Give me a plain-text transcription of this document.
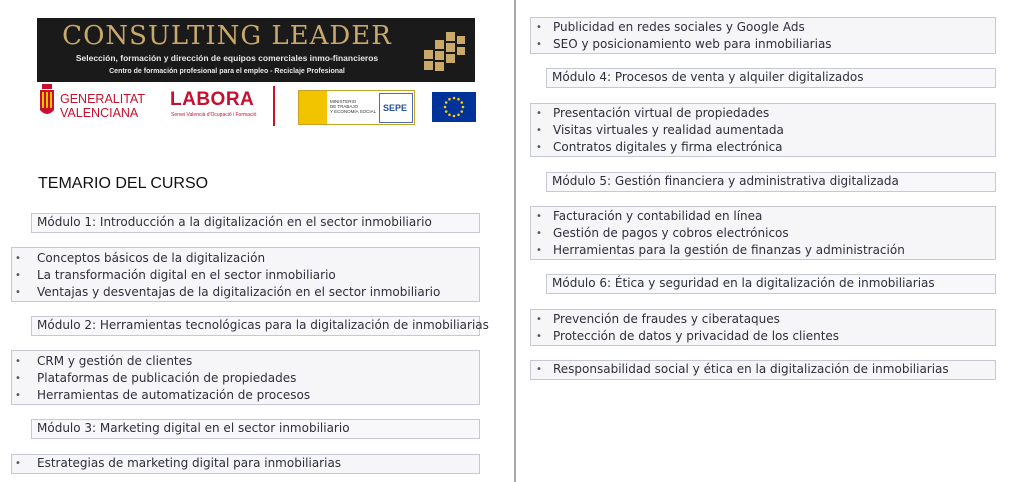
CONSULTING LEADER
Selección, formación y dirección de equipos comerciales inmo-financieros
Centro de formación profesional para el empleo - Reciclaje Profesional
GENERALITAT
VALENCIANA
LABORA
Servei Valencià d'Ocupació i Formació
MINISTERIO
DE TRABAJO
Y ECONOMÍA SOCIAL SEPE
TEMARIO DEL CURSO
Módulo 1: Introducción a la digitalización en el sector inmobiliario
• Conceptos básicos de la digitalización
• La transformación digital en el sector inmobiliario
• Ventajas y desventajas de la digitalización en el sector inmobiliario
Módulo 2: Herramientas tecnológicas para la digitalización de inmobiliarias
• CRM y gestión de clientes
• Plataformas de publicación de propiedades
• Herramientas de automatización de procesos
Módulo 3: Marketing digital en el sector inmobiliario
• Estrategias de marketing digital para inmobiliarias
• Publicidad en redes sociales y Google Ads
• SEO y posicionamiento web para inmobiliarias
Módulo 4: Procesos de venta y alquiler digitalizados
• Presentación virtual de propiedades
• Visitas virtuales y realidad aumentada
• Contratos digitales y firma electrónica
Módulo 5: Gestión financiera y administrativa digitalizada
• Facturación y contabilidad en línea
• Gestión de pagos y cobros electrónicos
• Herramientas para la gestión de finanzas y administración
Módulo 6: Ética y seguridad en la digitalización de inmobiliarias
• Prevención de fraudes y ciberataques
• Protección de datos y privacidad de los clientes
• Responsabilidad social y ética en la digitalización de inmobiliarias
